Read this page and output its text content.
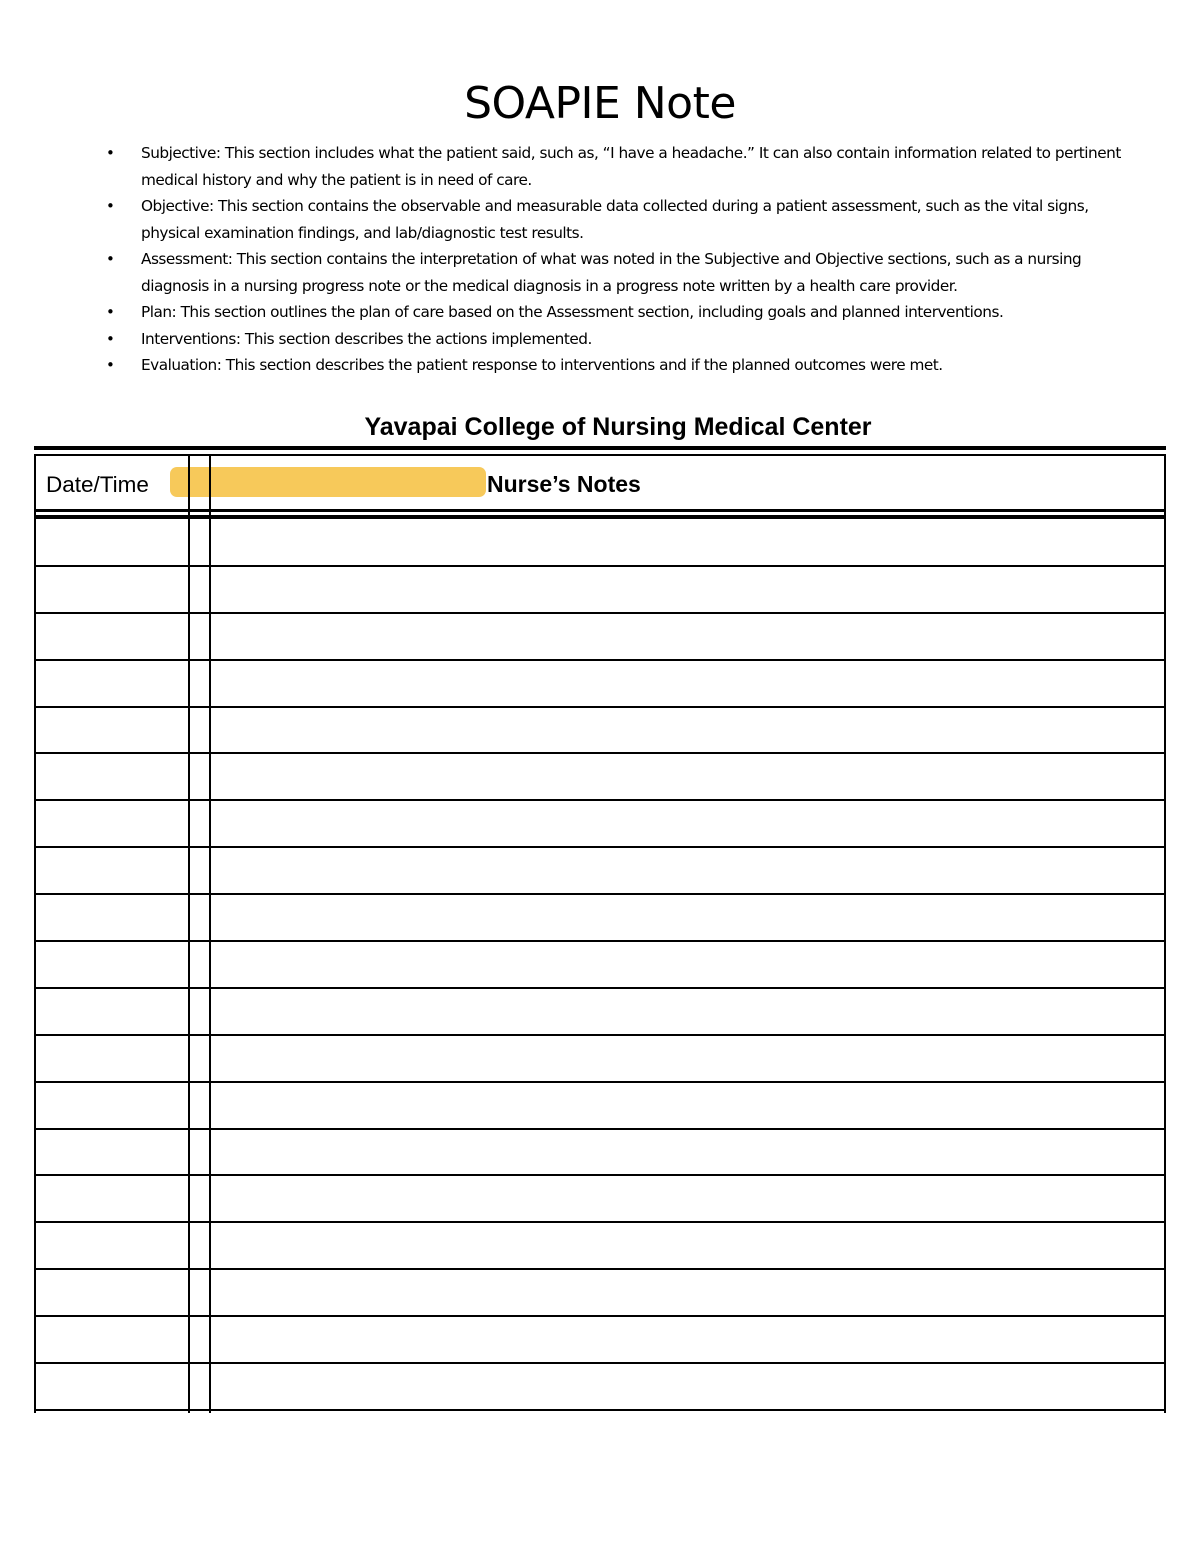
SOAPIE Note
• Subjective: This section includes what the patient said, such as, “I have a headache.” It can also contain information related to pertinent medical history and why the patient is in need of care.
• Objective: This section contains the observable and measurable data collected during a patient assessment, such as the vital signs, physical examination findings, and lab/diagnostic test results.
• Assessment: This section contains the interpretation of what was noted in the Subjective and Objective sections, such as a nursing diagnosis in a nursing progress note or the medical diagnosis in a progress note written by a health care provider.
• Plan: This section outlines the plan of care based on the Assessment section, including goals and planned interventions.
• Interventions: This section describes the actions implemented.
• Evaluation: This section describes the patient response to interventions and if the planned outcomes were met.
Yavapai College of Nursing Medical Center
Date/Time	Nurse’s Notes
